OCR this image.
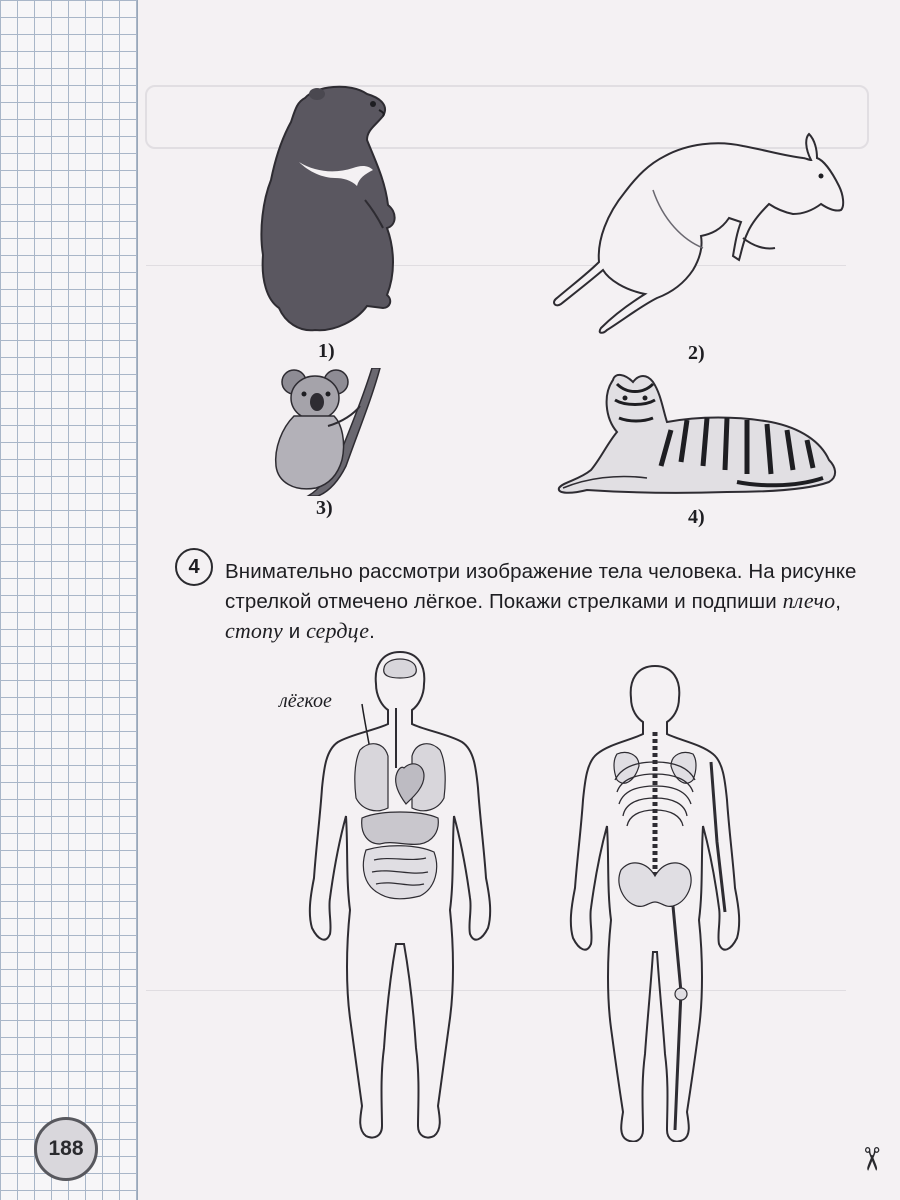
1)	2)
3)	4)
4	Внимательно рассмотри изображение тела человека. На рисунке стрелкой отмечено лёгкое. Покажи стрелками и подпиши плечо, стопу и сердце.
лёгкое
188	✂
